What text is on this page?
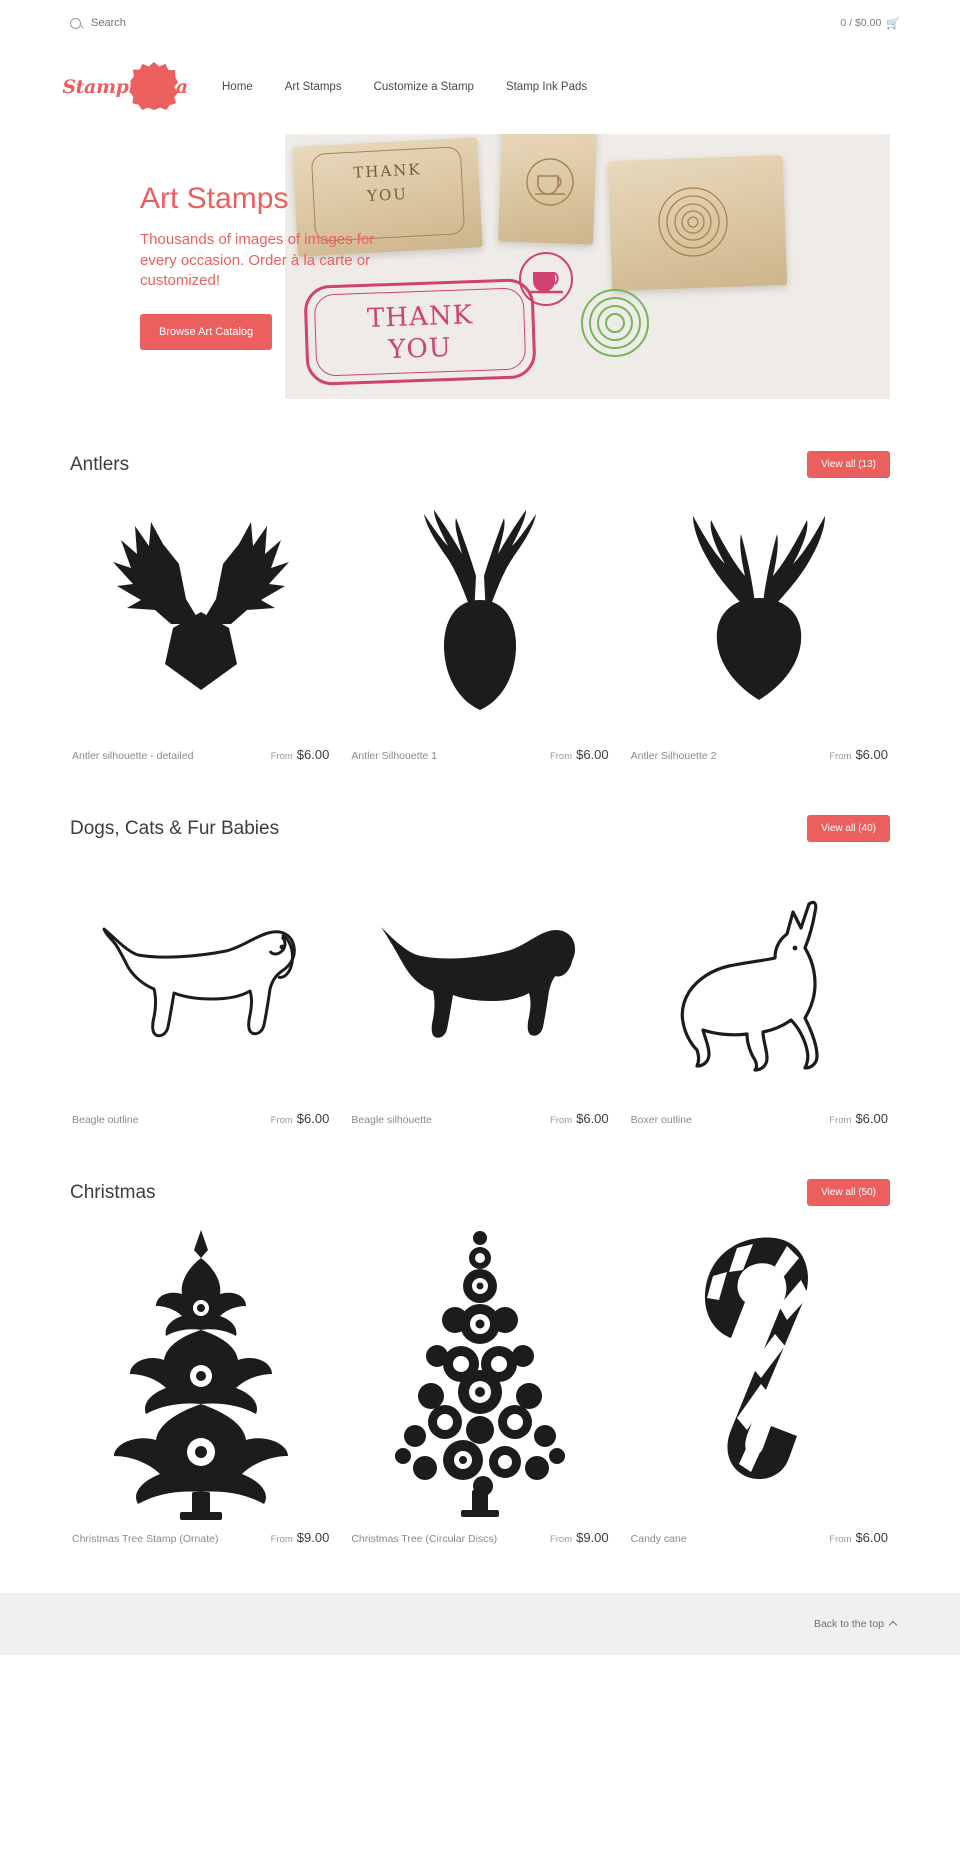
Search
0 / $0.00 🛒
Stampitopia	Home	Art Stamps	Customize a Stamp	Stamp Ink Pads
THANK
YOU
THANK
YOU
Art Stamps

Thousands of images of images for every occasion. Order à la carte or customized!

Browse Art Catalog
Antlers	View all (13)
Antler silhouette - detailed	From $6.00 Antler Silhouette 1	From $6.00 Antler Silhouette 2	From $6.00
Dogs, Cats & Fur Babies	View all (40)
Beagle outline	From $6.00 Beagle silhouette	From $6.00 Boxer outline	From $6.00
Christmas	View all (50)
Christmas Tree Stamp (Ornate)	From $9.00 Christmas Tree (Circular Discs)	From $9.00 Candy cane	From $6.00
Back to the top
